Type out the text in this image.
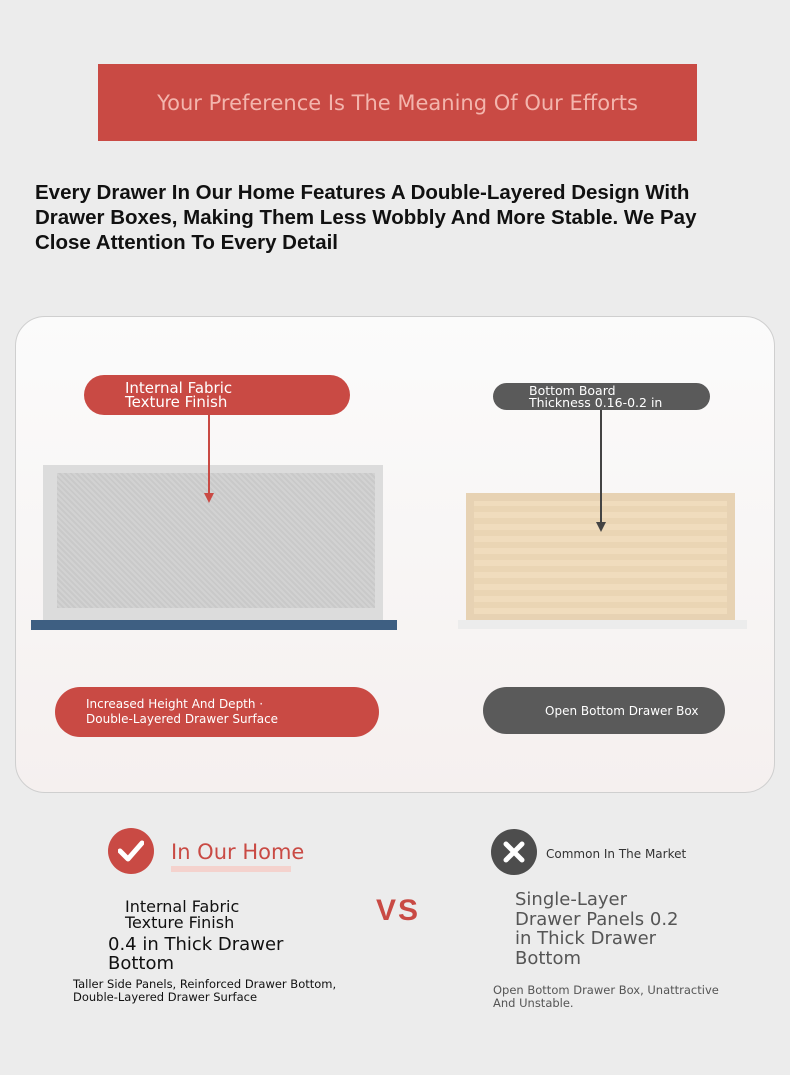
Your Preference Is The Meaning Of Our Efforts
Every Drawer In Our Home Features A Double-Layered Design With Drawer Boxes, Making Them Less Wobbly And More Stable. We Pay Close Attention To Every Detail
Internal Fabric
Texture Finish
Bottom Board
Thickness 0.16-0.2 in
Increased Height And Depth ·
Double-Layered Drawer Surface
Open Bottom Drawer Box
In Our Home	Common In The Market
VS
Internal Fabric
Texture Finish
0.4 in Thick Drawer
Bottom
Taller Side Panels, Reinforced Drawer Bottom,
Double-Layered Drawer Surface
Single-Layer
Drawer Panels 0.2
in Thick Drawer
Bottom
Open Bottom Drawer Box, Unattractive
And Unstable.
